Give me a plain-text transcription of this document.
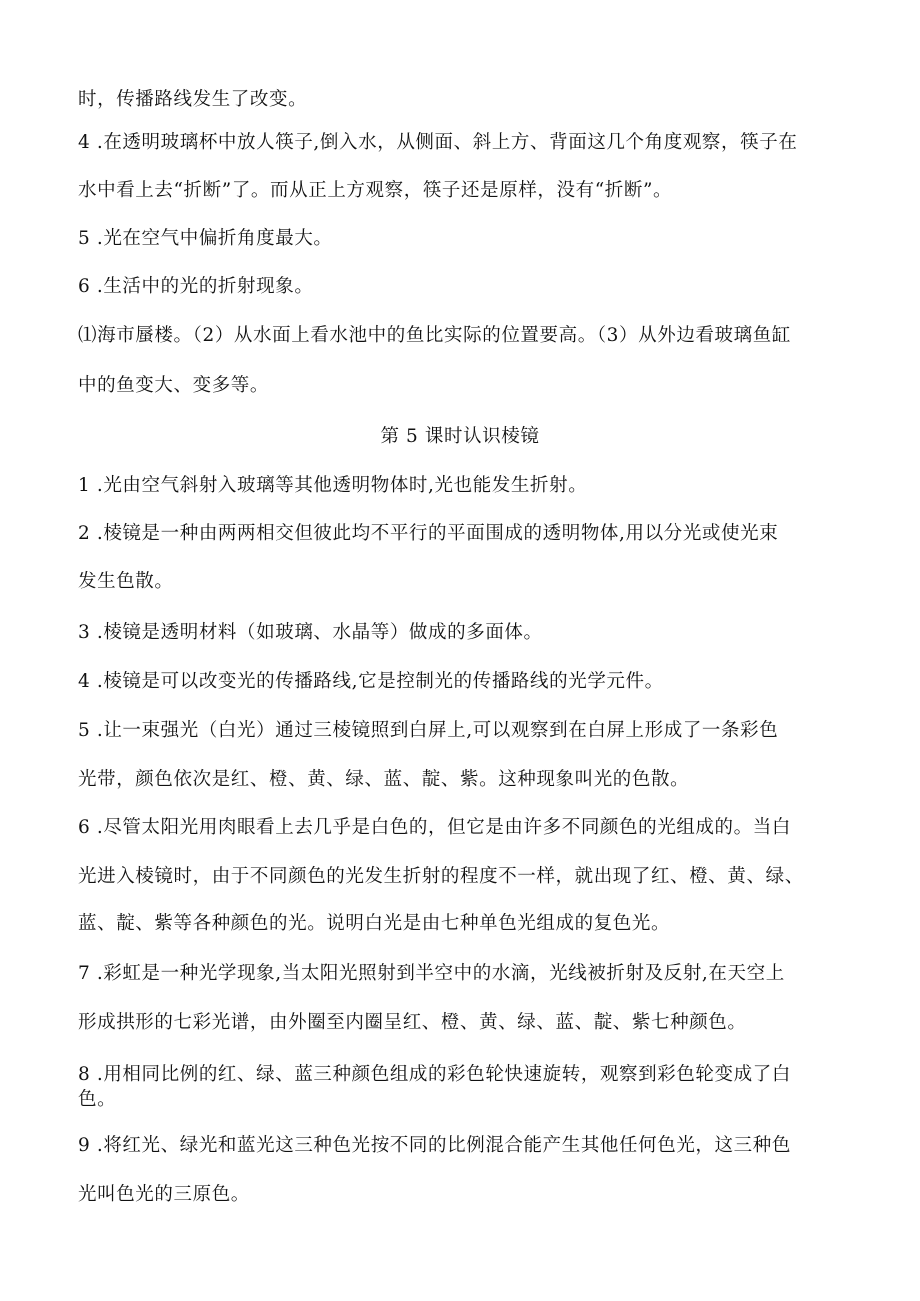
时，传播路线发生了改变。
4 .在透明玻璃杯中放人筷子,倒入水，从侧面、斜上方、背面这几个角度观察，筷子在
水中看上去“折断”了。而从正上方观察，筷子还是原样，没有“折断”。
5 .光在空气中偏折角度最大。
6 .生活中的光的折射现象。
⑴海市蜃楼。（2）从水面上看水池中的鱼比实际的位置要高。（3）从外边看玻璃鱼缸
中的鱼变大、变多等。
第 5 课时认识棱镜
1 .光由空气斜射入玻璃等其他透明物体时,光也能发生折射。
2 .棱镜是一种由两两相交但彼此均不平行的平面围成的透明物体,用以分光或使光束
发生色散。
3 .棱镜是透明材料（如玻璃、水晶等）做成的多面体。
4 .棱镜是可以改变光的传播路线,它是控制光的传播路线的光学元件。
5 .让一束强光（白光）通过三棱镜照到白屏上,可以观察到在白屏上形成了一条彩色
光带，颜色依次是红、橙、黄、绿、蓝、靛、紫。这种现象叫光的色散。
6 .尽管太阳光用肉眼看上去几乎是白色的，但它是由许多不同颜色的光组成的。当白
光进入棱镜时，由于不同颜色的光发生折射的程度不一样，就出现了红、橙、黄、绿、
蓝、靛、紫等各种颜色的光。说明白光是由七种单色光组成的复色光。
7 .彩虹是一种光学现象,当太阳光照射到半空中的水滴，光线被折射及反射,在天空上
形成拱形的七彩光谱，由外圈至内圈呈红、橙、黄、绿、蓝、靛、紫七种颜色。
8 .用相同比例的红、绿、蓝三种颜色组成的彩色轮快速旋转，观察到彩色轮变成了白
色。
9 .将红光、绿光和蓝光这三种色光按不同的比例混合能产生其他任何色光，这三种色
光叫色光的三原色。
